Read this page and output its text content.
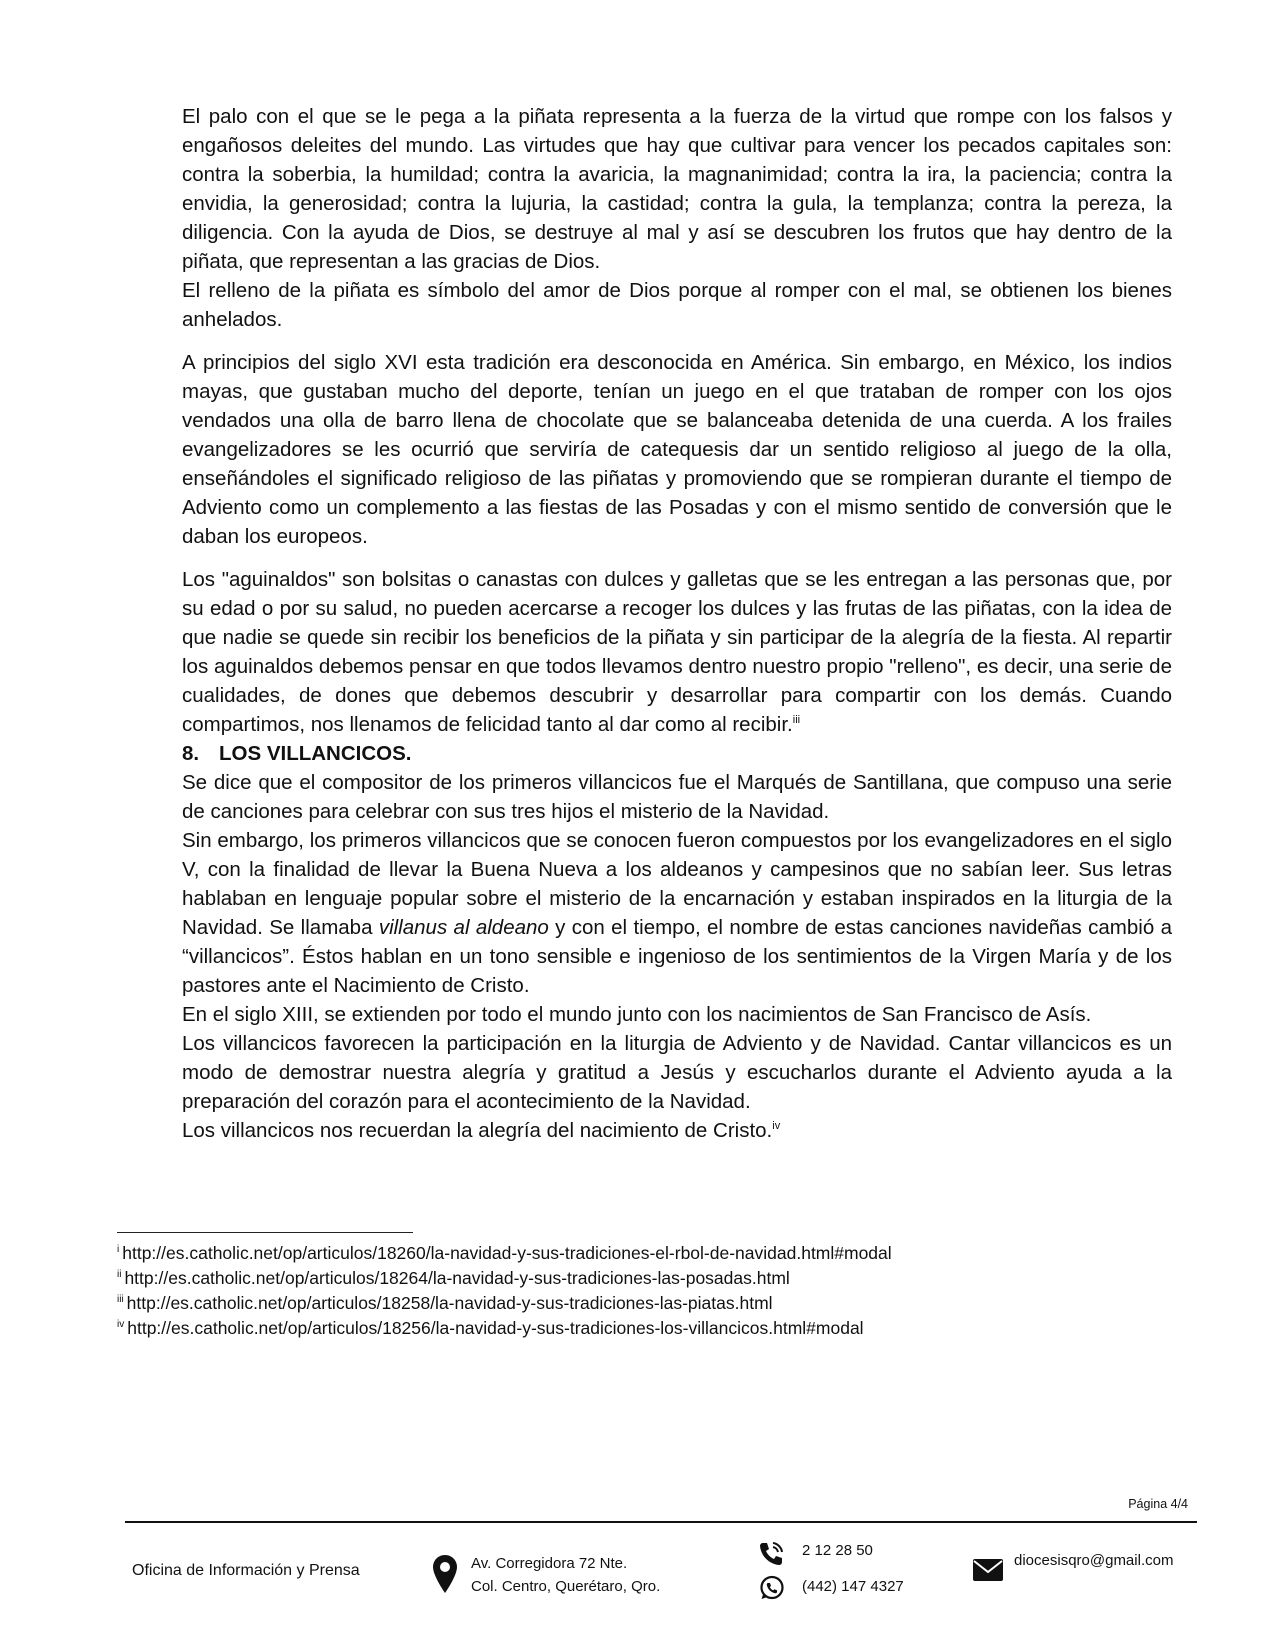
El palo con el que se le pega a la piñata representa a la fuerza de la virtud que rompe con los falsos y engañosos deleites del mundo. Las virtudes que hay que cultivar para vencer los pecados capitales son: contra la soberbia, la humildad; contra la avaricia, la magnanimidad; contra la ira, la paciencia; contra la envidia, la generosidad; contra la lujuria, la castidad; contra la gula, la templanza; contra la pereza, la diligencia. Con la ayuda de Dios, se destruye al mal y así se descubren los frutos que hay dentro de la piñata, que representan a las gracias de Dios.

El relleno de la piñata es símbolo del amor de Dios porque al romper con el mal, se obtienen los bienes anhelados.

A principios del siglo XVI esta tradición era desconocida en América. Sin embargo, en México, los indios mayas, que gustaban mucho del deporte, tenían un juego en el que trataban de romper con los ojos vendados una olla de barro llena de chocolate que se balanceaba detenida de una cuerda. A los frailes evangelizadores se les ocurrió que serviría de catequesis dar un sentido religioso al juego de la olla, enseñándoles el significado religioso de las piñatas y promoviendo que se rompieran durante el tiempo de Adviento como un complemento a las fiestas de las Posadas y con el mismo sentido de conversión que le daban los europeos.

Los "aguinaldos" son bolsitas o canastas con dulces y galletas que se les entregan a las personas que, por su edad o por su salud, no pueden acercarse a recoger los dulces y las frutas de las piñatas, con la idea de que nadie se quede sin recibir los beneficios de la piñata y sin participar de la alegría de la fiesta. Al repartir los aguinaldos debemos pensar en que todos llevamos dentro nuestro propio "relleno", es decir, una serie de cualidades, de dones que debemos descubrir y desarrollar para compartir con los demás. Cuando compartimos, nos llenamos de felicidad tanto al dar como al recibir.$^{iii}$

8. LOS VILLANCICOS.

Se dice que el compositor de los primeros villancicos fue el Marqués de Santillana, que compuso una serie de canciones para celebrar con sus tres hijos el misterio de la Navidad.

Sin embargo, los primeros villancicos que se conocen fueron compuestos por los evangelizadores en el siglo V, con la finalidad de llevar la Buena Nueva a los aldeanos y campesinos que no sabían leer. Sus letras hablaban en lenguaje popular sobre el misterio de la encarnación y estaban inspirados en la liturgia de la Navidad. Se llamaba villanus al aldeano y con el tiempo, el nombre de estas canciones navideñas cambió a “villancicos”. Éstos hablan en un tono sensible e ingenioso de los sentimientos de la Virgen María y de los pastores ante el Nacimiento de Cristo.

En el siglo XIII, se extienden por todo el mundo junto con los nacimientos de San Francisco de Asís.

Los villancicos favorecen la participación en la liturgia de Adviento y de Navidad. Cantar villancicos es un modo de demostrar nuestra alegría y gratitud a Jesús y escucharlos durante el Adviento ayuda a la preparación del corazón para el acontecimiento de la Navidad.

Los villancicos nos recuerdan la alegría del nacimiento de Cristo.$^{iv}$

$^i$ http://es.catholic.net/op/articulos/18260/la-navidad-y-sus-tradiciones-el-rbol-de-navidad.html#modal
$^{ii}$ http://es.catholic.net/op/articulos/18264/la-navidad-y-sus-tradiciones-las-posadas.html
$^{iii}$ http://es.catholic.net/op/articulos/18258/la-navidad-y-sus-tradiciones-las-piatas.html
$^{iv}$ http://es.catholic.net/op/articulos/18256/la-navidad-y-sus-tradiciones-los-villancicos.html#modal
Página 4/4
Oficina de Información y Prensa	Av. Corregidora 72 Nte.
Col. Centro, Querétaro, Qro.
2 12 28 50
(442) 147 4327
diocesisqro@gmail.com
